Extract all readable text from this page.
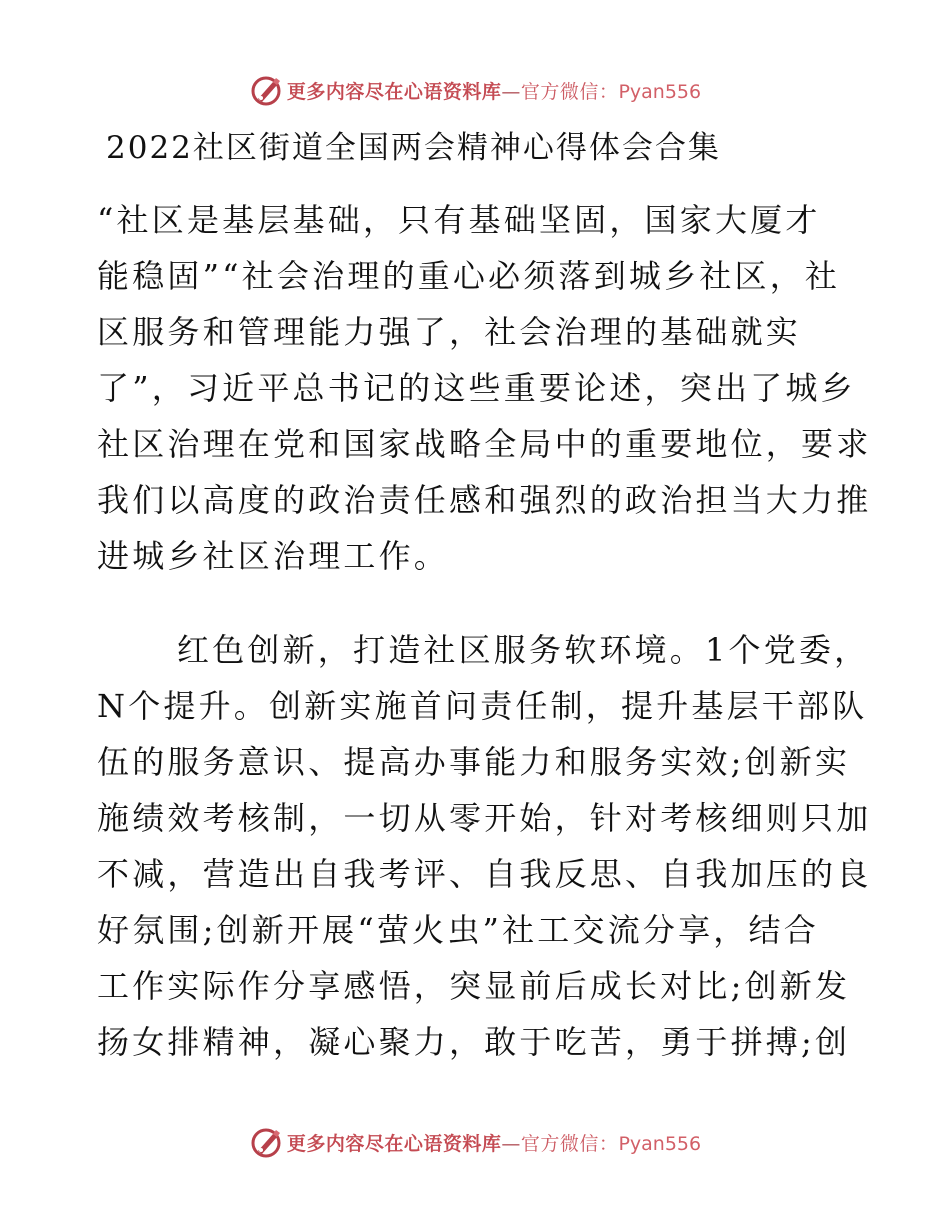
更多内容尽在心语资料库—官方微信：Pyan556
2022社区街道全国两会精神心得体会合集

“社区是基层基础，只有基础坚固，国家大厦才
能稳固”“社会治理的重心必须落到城乡社区，社
区服务和管理能力强了，社会治理的基础就实
了”，习近平总书记的这些重要论述，突出了城乡
社区治理在党和国家战略全局中的重要地位，要求
我们以高度的政治责任感和强烈的政治担当大力推
进城乡社区治理工作。

红色创新，打造社区服务软环境。1个党委，
N个提升。创新实施首问责任制，提升基层干部队
伍的服务意识、提高办事能力和服务实效;创新实
施绩效考核制，一切从零开始，针对考核细则只加
不减，营造出自我考评、自我反思、自我加压的良
好氛围;创新开展“萤火虫”社工交流分享，结合
工作实际作分享感悟，突显前后成长对比;创新发
扬女排精神，凝心聚力，敢于吃苦，勇于拼搏;创

更多内容尽在心语资料库—官方微信：Pyan556
